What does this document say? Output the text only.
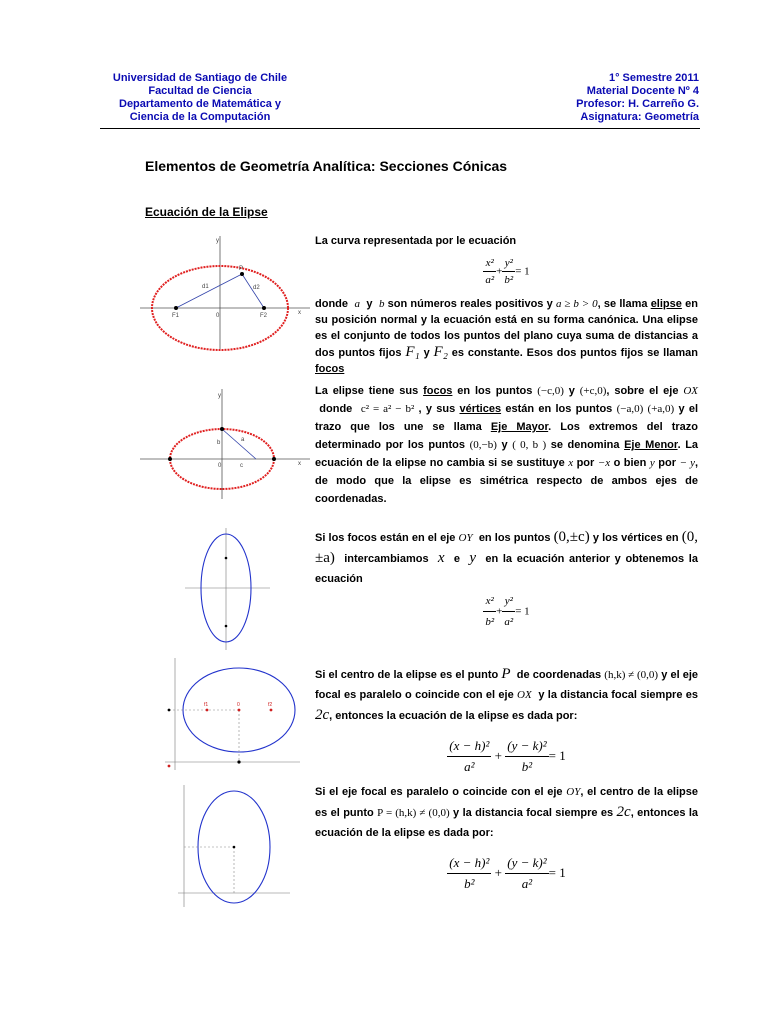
Universidad de Santiago de Chile
Facultad de Ciencia
Departamento de Matemática y
Ciencia de la Computación
1° Semestre 2011
Material Docente Nº 4
Profesor: H. Carreño G.
Asignatura: Geometría
Elementos de Geometría Analítica: Secciones Cónicas
Ecuación de la Elipse
y
P
d1	d2
F1	0	F2	x
La curva representada por le ecuación
$\frac{\text{x²}}{\text{a²}} + \frac{\text{y²}}{\text{b²}} = 1$
donde a y b son números reales positivos y a ≥ b > 0, se llama elipse en su posición normal y la ecuación está en su forma canónica. Una elipse es el conjunto de todos los puntos del plano cuya suma de distancias a dos puntos fijos F₁ y F₂ es constante. Esos dos puntos fijos se llaman focos
y
a
b
0	c	x
La elipse tiene sus focos en los puntos (−c,0) y (+c,0), sobre el eje OX  donde c² = a² − b² , y sus vértices están en los puntos (−a,0) (+a,0) y el trazo que los une se llama Eje Mayor. Los extremos del trazo determinado por los puntos (0,−b) y ( 0, b ) se denomina Eje Menor. La ecuación de la elipse no cambia si se sustituye x por −x o bien y por − y, de modo que la elipse es simétrica respecto de ambos ejes de coordenadas.
Si los focos están en el eje OY en los puntos (0,±c) y los vértices en (0,±a) intercambiamos x e y en la ecuación anterior y obtenemos la ecuación
$\frac{\text{x²}}{\text{b²}} + \frac{\text{y²}}{\text{a²}} = 1$
f1	0	f2
Si el centro de la elipse es el punto P de coordenadas (h,k) ≠ (0,0) y el eje focal es paralelo o coincide con el eje OX y la distancia focal siempre es 2c, entonces la ecuación de la elipse es dada por:
$\frac{\text{(x − h)²}}{\text{a²}} + \frac{\text{(y − k)²}}{\text{b²}} = 1$
Si el eje focal es paralelo o coincide con el eje OY, el centro de la elipse es el punto P = (h,k) ≠ (0,0) y la distancia focal siempre es 2c, entonces la ecuación de la elipse es dada por:
$\frac{\text{(x − h)²}}{\text{b²}} + \frac{\text{(y − k)²}}{\text{a²}} = 1$
